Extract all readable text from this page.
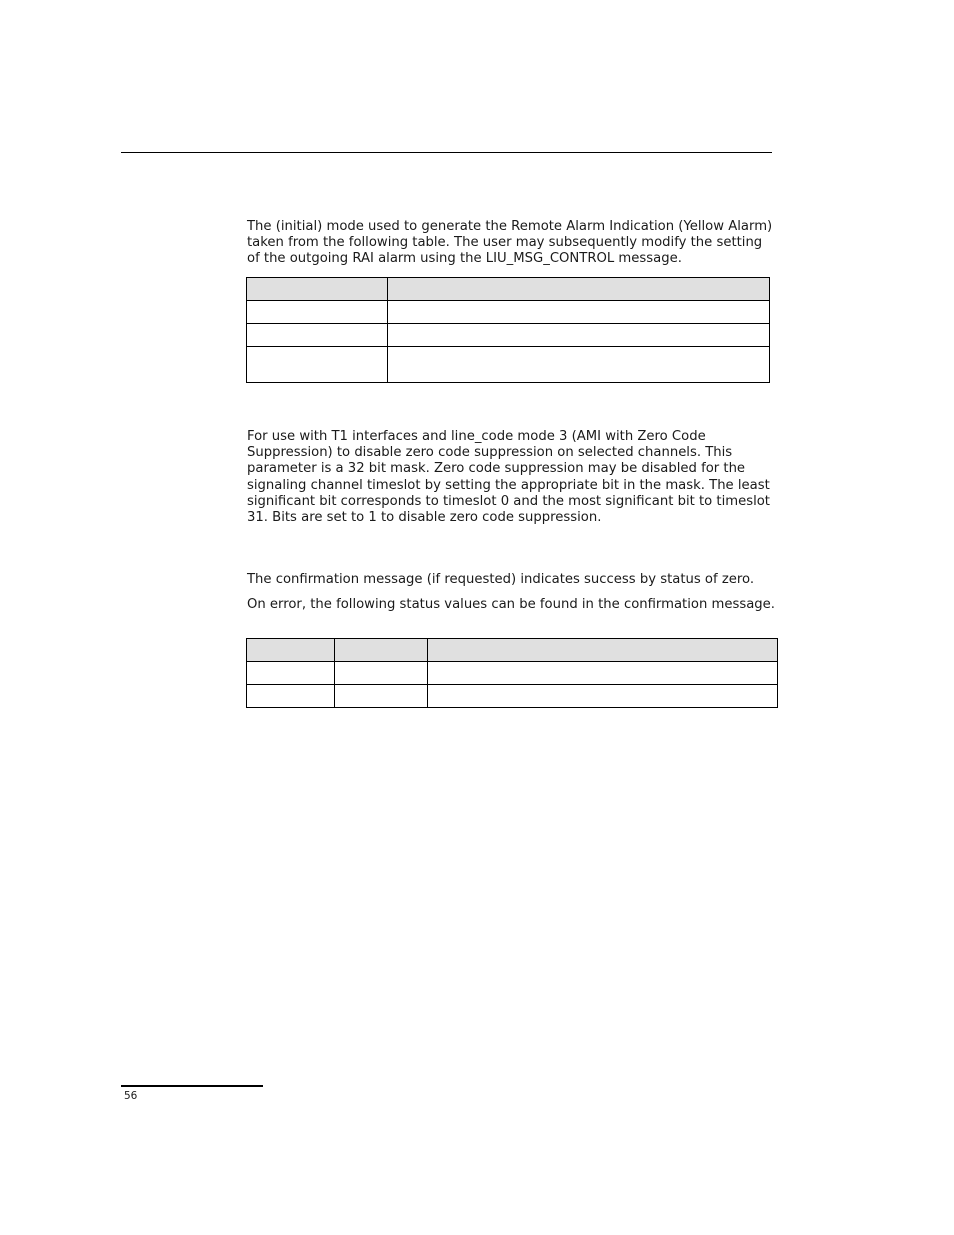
The (initial) mode used to generate the Remote Alarm Indication (Yellow Alarm) taken from the following table. The user may subsequently modify the setting of the outgoing RAI alarm using the LIU_MSG_CONTROL message.

For use with T1 interfaces and line_code mode 3 (AMI with Zero Code Suppression) to disable zero code suppression on selected channels. This parameter is a 32 bit mask. Zero code suppression may be disabled for the signaling channel timeslot by setting the appropriate bit in the mask. The least significant bit corresponds to timeslot 0 and the most significant bit to timeslot 31. Bits are set to 1 to disable zero code suppression.

The confirmation message (if requested) indicates success by status of zero.

On error, the following status values can be found in the confirmation message.

56
